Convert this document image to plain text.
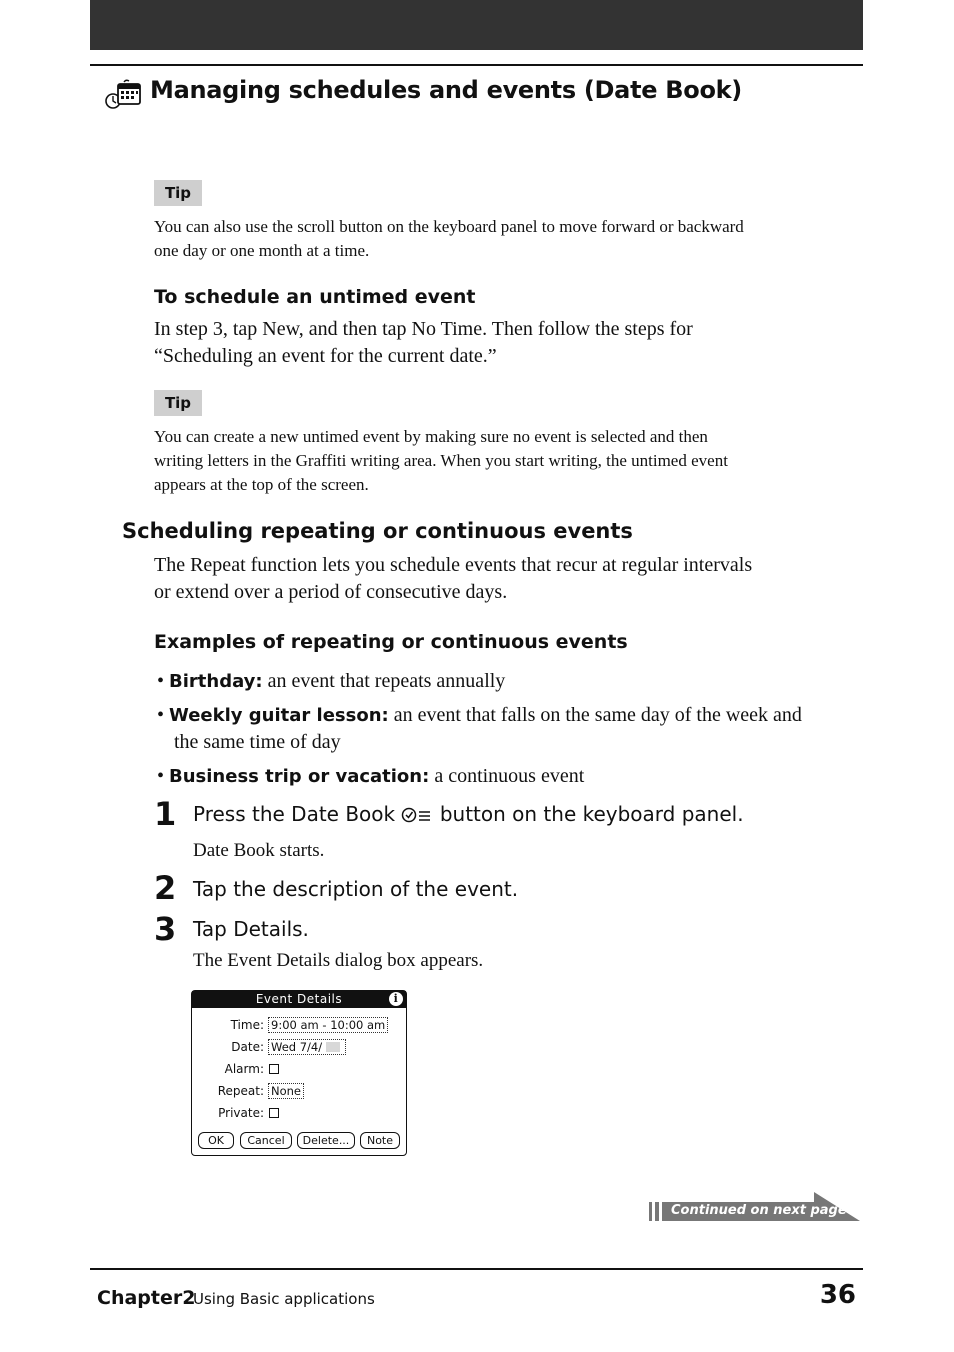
Managing schedules and events (Date Book)
Tip
You can also use the scroll button on the keyboard panel to move forward or backward
one day or one month at a time.
To schedule an untimed event
In step 3, tap New, and then tap No Time. Then follow the steps for
“Scheduling an event for the current date.”
Tip
You can create a new untimed event by making sure no event is selected and then
writing letters in the Graffiti writing area. When you start writing, the untimed event
appears at the top of the screen.
Scheduling repeating or continuous events
The Repeat function lets you schedule events that recur at regular intervals
or extend over a period of consecutive days.
Examples of repeating or continuous events
• Birthday: an event that repeats annually
• Weekly guitar lesson: an event that falls on the same day of the week and
the same time of day
• Business trip or vacation: a continuous event
1 Press the Date Book  button on the keyboard panel.
Date Book starts.
2 Tap the description of the event.
3 Tap Details.
The Event Details dialog box appears.
Event Details	i
Time: 9:00 am - 10:00 am
Date: Wed 7/4/
Alarm:
Repeat: None
Private:
OK	Cancel	Delete...	Note
Continued on next page
Chapter2
Using Basic applications	36
